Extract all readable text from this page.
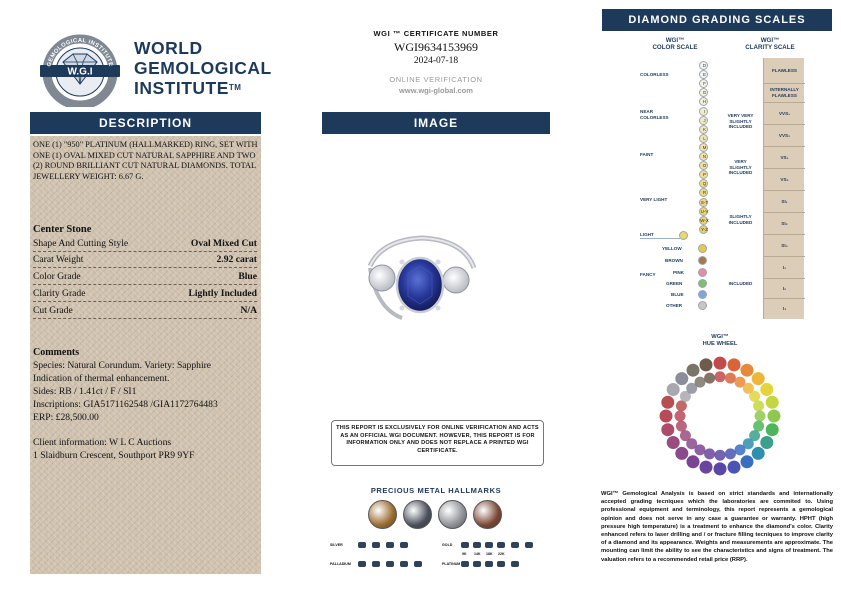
W.G.I
GEMOLOGICAL INSTITUTE
WORLD
GEMOLOGICAL
INSTITUTE™
DESCRIPTION
ONE (1) "950" PLATINUM (HALLMARKED) RING, SET WITH ONE (1) OVAL MIXED CUT NATURAL SAPPHIRE AND TWO (2) ROUND BRILLIANT CUT NATURAL DIAMONDS. TOTAL JEWELLERY WEIGHT: 6.67 G.
Center Stone
Shape And Cutting Style	Oval Mixed Cut
Carat Weight	2.92 carat
Color Grade	Blue
Clarity Grade	Lightly Included
Cut Grade	N/A
Comments
Species: Natural Corundum. Variety: Sapphire
Indication of thermal enhancement.
Sides: RB / 1.41ct / F / SI1
Inscriptions: GIA5171162548 /GIA1172764483
ERP: £28,500.00
Client information: W L C Auctions
1 Slaidburn Crescent, Southport PR9 9YF
WGI ™ CERTIFICATE NUMBER
WGI9634153969
2024-07-18
ONLINE VERIFICATION
www.wgi-global.com
IMAGE
THIS REPORT IS EXCLUSIVELY FOR ONLINE VERIFICATION AND ACTS AS AN OFFICIAL WGI DOCUMENT. HOWEVER, THIS REPORT IS FOR INFORMATION ONLY AND DOES NOT REPLACE A PRINTED WGI CERTIFICATE.
PRECIOUS METAL HALLMARKS
SILVER
PALLADIUM
GOLD
PLATINUM
9K 14K 18K 22K
DIAMOND GRADING SCALES
WGI™
COLOR SCALE
WGI™
CLARITY SCALE
COLORLESS
NEAR
COLORLESS
FAINT
VERY LIGHT
LIGHT
FANCY
D
E
F
G
H
I
J
K
L
M
N
O
P
Q
R
S-T
U-V
W-X
Y-Z
YELLOW
BROWN
PINK
GREEN
BLUE
OTHER
VERY VERY
SLIGHTLY
INCLUDED
VERY
SLIGHTLY
INCLUDED
SLIGHTLY
INCLUDED
INCLUDED
FLAWLESS
INTERNALLY
FLAWLESS
VVS₁
VVS₂
VS₁
VS₂
SI₁
SI₂
SI₃
I₁
I₂
I₃
WGI™
HUE WHEEL
WGI™ Gemological Analysis is based on strict standards and internationally accepted grading tecniques which the laboratories are commited to. Using professional equipment and terminology, this report represents a gemological opinion and does not serve in any case a guarantee or warranty. HPHT (high pressure high temperature) is a treatment to enhance the diamond's color. Clarity enhanced refers to laser drilling and / or fracture filling tecniques to improve clarity of a diamond and its appearance. Weights and measurements are approximate. The mounting can limit the ability to see the characteristics and signs of treatment. The valuation refers to a recommended retail price (RRP).
